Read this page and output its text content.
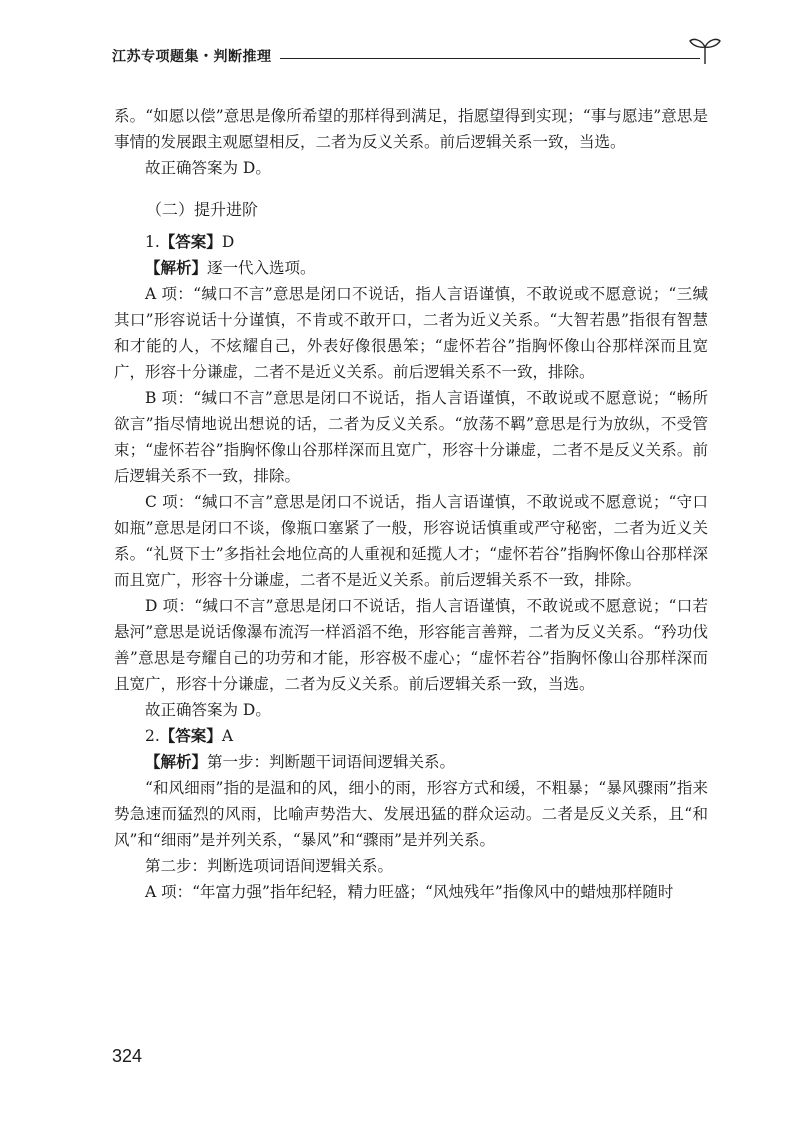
江苏专项题集・判断推理

系。“如愿以偿”意思是像所希望的那样得到满足，指愿望得到实现；“事与愿违”意思是事情的发展跟主观愿望相反，二者为反义关系。前后逻辑关系一致，当选。

故正确答案为 D。

（二）提升进阶

1.【答案】D

【解析】逐一代入选项。

A 项：“缄口不言”意思是闭口不说话，指人言语谨慎，不敢说或不愿意说；“三缄其口”形容说话十分谨慎，不肯或不敢开口，二者为近义关系。“大智若愚”指很有智慧和才能的人，不炫耀自己，外表好像很愚笨；“虚怀若谷”指胸怀像山谷那样深而且宽广，形容十分谦虚，二者不是近义关系。前后逻辑关系不一致，排除。

B 项：“缄口不言”意思是闭口不说话，指人言语谨慎，不敢说或不愿意说；“畅所欲言”指尽情地说出想说的话，二者为反义关系。“放荡不羁”意思是行为放纵，不受管束；“虚怀若谷”指胸怀像山谷那样深而且宽广，形容十分谦虚，二者不是反义关系。前后逻辑关系不一致，排除。

C 项：“缄口不言”意思是闭口不说话，指人言语谨慎，不敢说或不愿意说；“守口如瓶”意思是闭口不谈，像瓶口塞紧了一般，形容说话慎重或严守秘密，二者为近义关系。“礼贤下士”多指社会地位高的人重视和延揽人才；“虚怀若谷”指胸怀像山谷那样深而且宽广，形容十分谦虚，二者不是近义关系。前后逻辑关系不一致，排除。

D 项：“缄口不言”意思是闭口不说话，指人言语谨慎，不敢说或不愿意说；“口若悬河”意思是说话像瀑布流泻一样滔滔不绝，形容能言善辩，二者为反义关系。“矜功伐善”意思是夸耀自己的功劳和才能，形容极不虚心；“虚怀若谷”指胸怀像山谷那样深而且宽广，形容十分谦虚，二者为反义关系。前后逻辑关系一致，当选。

故正确答案为 D。

2.【答案】A

【解析】第一步：判断题干词语间逻辑关系。

“和风细雨”指的是温和的风，细小的雨，形容方式和缓，不粗暴；“暴风骤雨”指来势急速而猛烈的风雨，比喻声势浩大、发展迅猛的群众运动。二者是反义关系，且“和风”和“细雨”是并列关系，“暴风”和“骤雨”是并列关系。

第二步：判断选项词语间逻辑关系。

A 项：“年富力强”指年纪轻，精力旺盛；“风烛残年”指像风中的蜡烛那样随时

324
